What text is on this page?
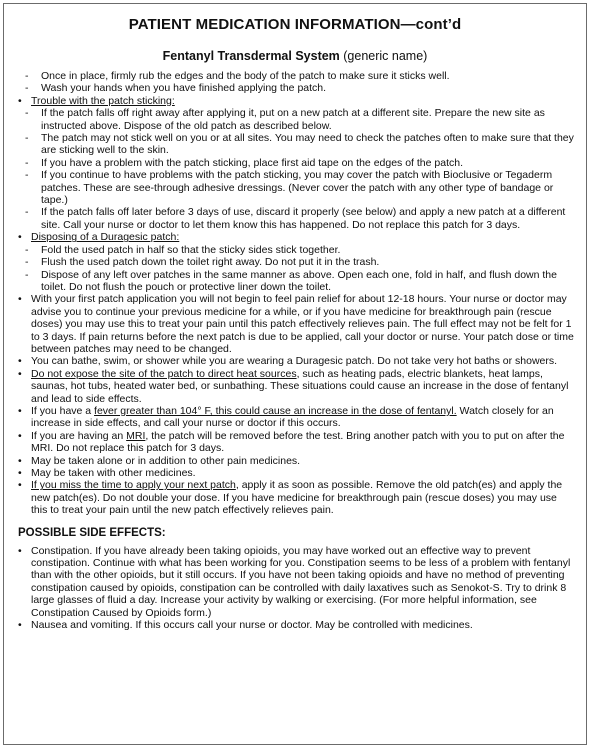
PATIENT MEDICATION INFORMATION—cont’d
Fentanyl Transdermal System (generic name)
-	Once in place, firmly rub the edges and the body of the patch to make sure it sticks well.
-	Wash your hands when you have finished applying the patch.
• Trouble with the patch sticking:
-	If the patch falls off right away after applying it, put on a new patch at a different site. Prepare the new site as instructed above. Dispose of the old patch as described below.
-	The patch may not stick well on you or at all sites. You may need to check the patches often to make sure that they are sticking well to the skin.
-	If you have a problem with the patch sticking, place first aid tape on the edges of the patch.
-	If you continue to have problems with the patch sticking, you may cover the patch with Bioclusive or Tegaderm patches. These are see-through adhesive dressings. (Never cover the patch with any other type of bandage or tape.)
-	If the patch falls off later before 3 days of use, discard it properly (see below) and apply a new patch at a different site. Call your nurse or doctor to let them know this has happened. Do not replace this patch for 3 days.
• Disposing of a Duragesic patch:
-	Fold the used patch in half so that the sticky sides stick together.
-	Flush the used patch down the toilet right away. Do not put it in the trash.
-	Dispose of any left over patches in the same manner as above. Open each one, fold in half, and flush down the toilet. Do not flush the pouch or protective liner down the toilet.
• With your first patch application you will not begin to feel pain relief for about 12-18 hours. Your nurse or doctor may advise you to continue your previous medicine for a while, or if you have medicine for breakthrough pain (rescue doses) you may use this to treat your pain until this patch effectively relieves pain. The full effect may not be felt for 1 to 3 days. If pain returns before the next patch is due to be applied, call your doctor or nurse. Your patch dose or time between patches may need to be changed.
• You can bathe, swim, or shower while you are wearing a Duragesic patch. Do not take very hot baths or showers.
• Do not expose the site of the patch to direct heat sources, such as heating pads, electric blankets, heat lamps, saunas, hot tubs, heated water bed, or sunbathing. These situations could cause an increase in the dose of fentanyl and lead to side effects.
• If you have a fever greater than 104° F, this could cause an increase in the dose of fentanyl. Watch closely for an increase in side effects, and call your nurse or doctor if this occurs.
• If you are having an MRI, the patch will be removed before the test. Bring another patch with you to put on after the MRI. Do not replace this patch for 3 days.
• May be taken alone or in addition to other pain medicines.
• May be taken with other medicines.
• If you miss the time to apply your next patch, apply it as soon as possible. Remove the old patch(es) and apply the new patch(es). Do not double your dose. If you have medicine for breakthrough pain (rescue doses) you may use this to treat your pain until the new patch effectively relieves pain.
POSSIBLE SIDE EFFECTS:
• Constipation. If you have already been taking opioids, you may have worked out an effective way to prevent constipation. Continue with what has been working for you. Constipation seems to be less of a problem with fentanyl than with the other opioids, but it still occurs. If you have not been taking opioids and have no method of preventing constipation caused by opioids, constipation can be controlled with daily laxatives such as Senokot-S. Try to drink 8 large glasses of fluid a day. Increase your activity by walking or exercising. (For more helpful information, see Constipation Caused by Opioids form.)
• Nausea and vomiting. If this occurs call your nurse or doctor. May be controlled with medicines.
